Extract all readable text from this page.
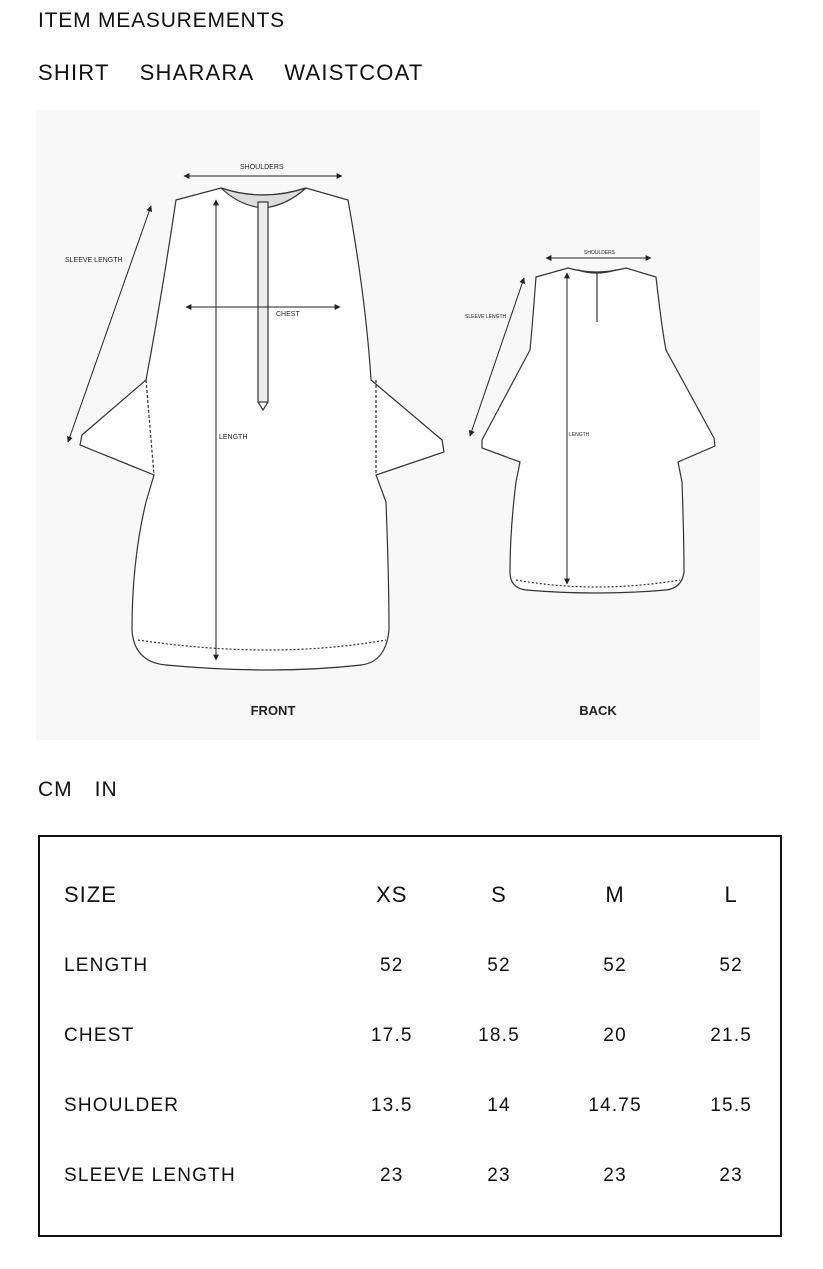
ITEM MEASUREMENTS
SHIRT SHARARA WAISTCOAT
SHOULDERS
SLEEVE LENGTH
CHEST
LENGTH
FRONT
SHOULDERS
SLEEVE LENGTH
LENGTH
BACK
CM IN
SIZE	XS	S	M	L
LENGTH	52	52	52	52
CHEST	17.5	18.5	20	21.5
SHOULDER	13.5	14	14.75	15.5
SLEEVE LENGTH	23	23	23	23
